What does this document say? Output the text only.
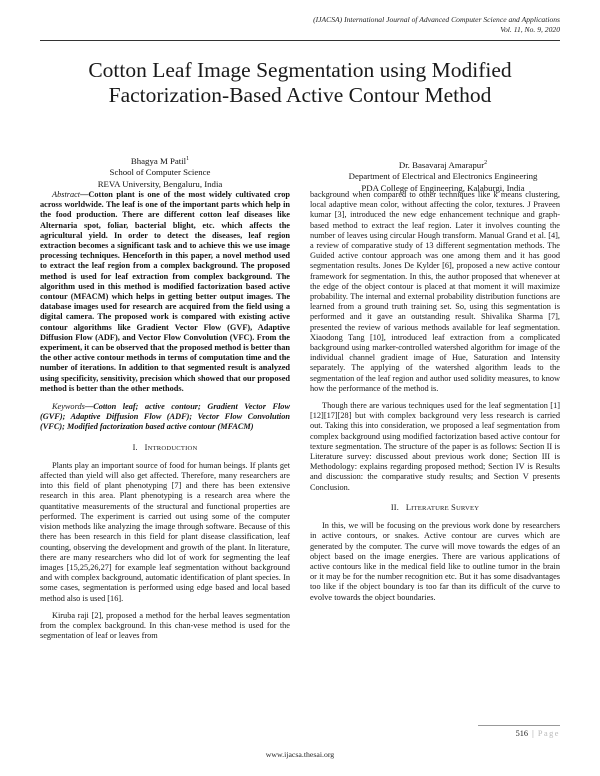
(IJACSA) International Journal of Advanced Computer Science and Applications
Vol. 11, No. 9, 2020
Cotton Leaf Image Segmentation using Modified
Factorization-Based Active Contour Method
Bhagya M Patil$^1$
School of Computer Science
REVA University, Bengaluru, India
Dr. Basavaraj Amarapur$^2$
Department of Electrical and Electronics Engineering
PDA College of Engineering, Kalaburgi, India

Abstract—Cotton plant is one of the most widely cultivated crop across worldwide. The leaf is one of the important parts which help in the food production. There are different cotton leaf diseases like Alternaria spot, foliar, bacterial blight, etc. which affects the agricultural yield. In order to detect the diseases, leaf region extraction becomes a significant task and to achieve this we use image processing techniques. Henceforth in this paper, a novel method used to extract the leaf region from a complex background. The proposed method is used for leaf extraction from complex background. The algorithm used in this method is modified factorization based active contour (MFACM) which helps in getting better output images. The database images used for research are acquired from the field using a digital camera. The proposed work is compared with existing active contour algorithms like Gradient Vector Flow (GVF), Adaptive Diffusion Flow (ADF), and Vector Flow Convolution (VFC). From the experiment, it can be observed that the proposed method is better than the other active contour methods in terms of computation time and the number of iterations. In addition to that segmented result is analyzed using specificity, sensitivity, precision which showed that our proposed method is better than the other methods.

Keywords—Cotton leaf; active contour; Gradient Vector Flow (GVF); Adaptive Diffusion Flow (ADF); Vector Flow Convolution (VFC); Modified factorization based active contour (MFACM)

I. INTRODUCTION

Plants play an important source of food for human beings. If plants get affected than yield will also get affected. Therefore, many researchers are into this field of plant phenotyping [7] and there has been extensive research in this area. Plant phenotyping is a research area where the quantitative measurements of the structural and functional properties are performed. The experiment is carried out using some of the computer vision methods like analyzing the image through software. Because of this there has been research in this field for plant disease classification, leaf counting, observing the development and growth of the plant. In literature, there are many researchers who did lot of work for segmenting the leaf images [15,25,26,27] for example leaf segmentation without background and with complex background, automatic identification of plant species. In some cases, segmentation is performed using edge based and local based method also is used [16].

Kiruba raji [2], proposed a method for the herbal leaves segmentation from the complex background. In this chan-vese method is used for the segmentation of leaf or leaves from

background when compared to other techniques like k means clustering, local adaptive mean color, without affecting the color, textures. J Praveen kumar [3], introduced the new edge enhancement technique and graph-based method to extract the leaf region. Later it involves counting the number of leaves using circular Hough transform. Manual Grand et al. [4], a review of comparative study of 13 different segmentation methods. The Guided active contour approach was one among them and it has good segmentation results. Jones De Kylder [6], proposed a new active contour framework for segmentation. In this, the author proposed that whenever at the edge of the object contour is placed at that moment it will maximize probability. The internal and external probability distribution functions are learned from a ground truth training set. So, using this segmentation is performed and it gave an outstanding result. Shivalika Sharma [7], presented the review of various methods available for leaf segmentation. Xiaodong Tang [10], introduced leaf extraction from a complicated background using marker-controlled watershed algorithm for image of the individual channel gradient image of Hue, Saturation and Intensity separately. The applying of the watershed algorithm leads to the segmentation of the leaf region and author used solidity measures, to know how the performance of the method is.

Though there are various techniques used for the leaf segmentation [1][12][17][28] but with complex background very less research is carried out. Taking this into consideration, we proposed a leaf segmentation from complex background using modified factorization based active contour for texture segmentation. The structure of the paper is as follows: Section II is Literature survey: discussed about previous work done; Section III is Methodology: explains regarding proposed method; Section IV is Results and discussion: the comparative study results; and Section V presents Conclusion.

II. LITERATURE SURVEY

In this, we will be focusing on the previous work done by researchers in active contours, or snakes. Active contour are curves which are generated by the computer. The curve will move towards the edges of an object based on the image energies. There are various applications of active contours like in the medical field like to outline tumor in the brain or it may be for the number recognition etc. But it has some disadvantages too like if the object boundary is too far than its difficult of the curve to evolve towards the object boundaries.

516 | Page
www.ijacsa.thesai.org
